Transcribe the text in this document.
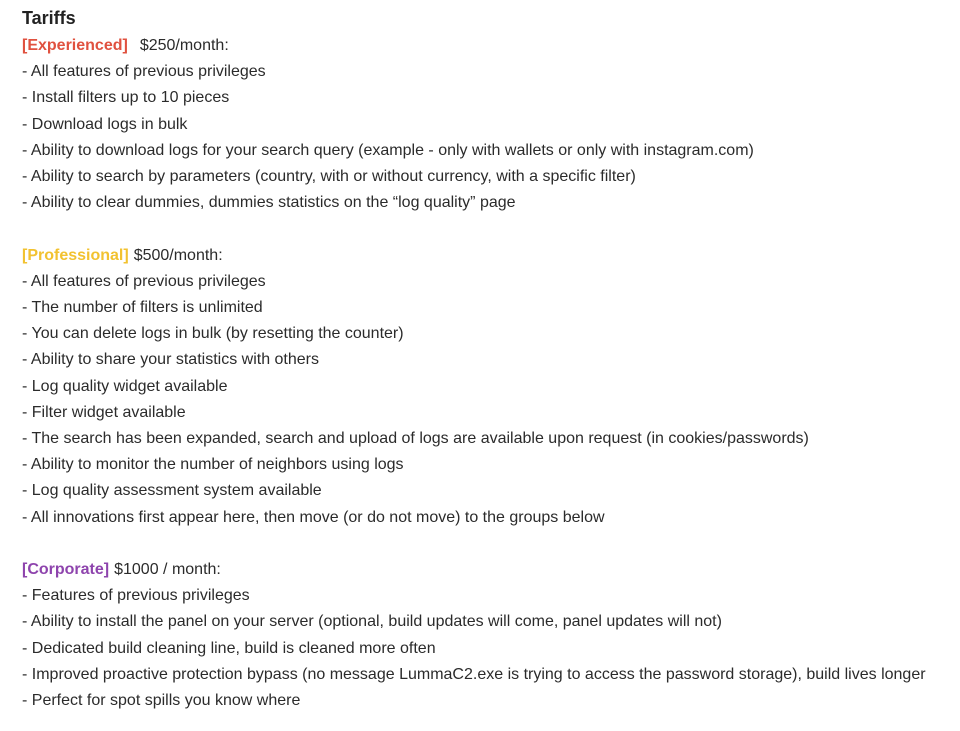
Tariffs
[Experienced] $250/month:
- All features of previous privileges
- Install filters up to 10 pieces
- Download logs in bulk
- Ability to download logs for your search query (example - only with wallets or only with instagram.com)
- Ability to search by parameters (country, with or without currency, with a specific filter)
- Ability to clear dummies, dummies statistics on the “log quality” page
[Professional] $500/month:
- All features of previous privileges
- The number of filters is unlimited
- You can delete logs in bulk (by resetting the counter)
- Ability to share your statistics with others
- Log quality widget available
- Filter widget available
- The search has been expanded, search and upload of logs are available upon request (in cookies/passwords)
- Ability to monitor the number of neighbors using logs
- Log quality assessment system available
- All innovations first appear here, then move (or do not move) to the groups below
[Corporate] $1000 / month:
- Features of previous privileges
- Ability to install the panel on your server (optional, build updates will come, panel updates will not)
- Dedicated build cleaning line, build is cleaned more often
- Improved proactive protection bypass (no message LummaC2.exe is trying to access the password storage), build lives longer
- Perfect for spot spills you know where
